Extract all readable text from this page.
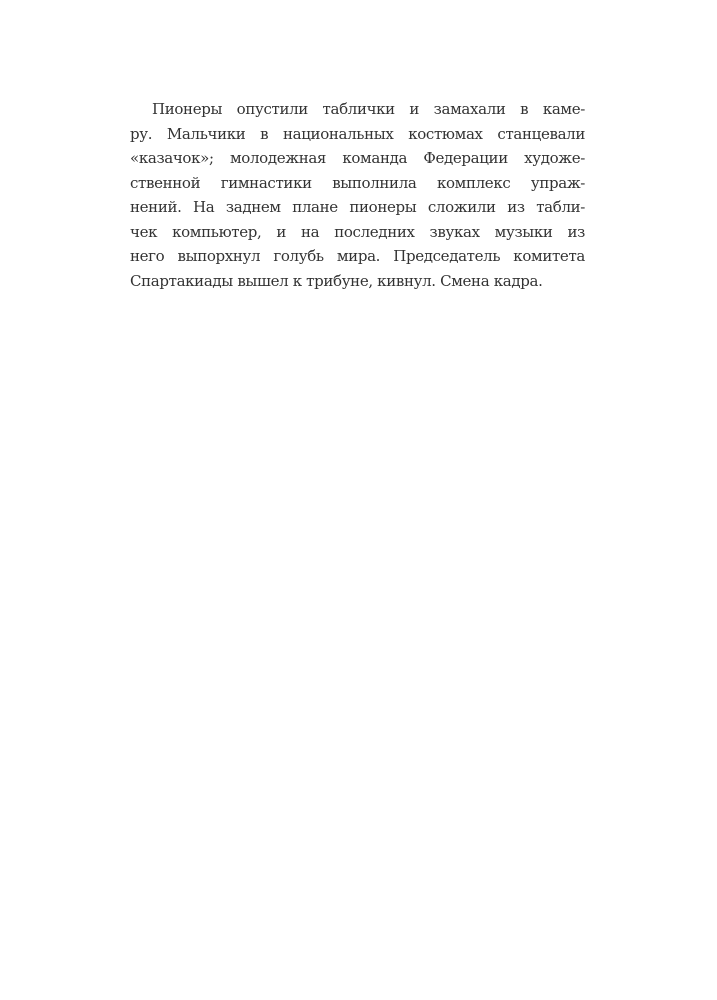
Пионеры опустили таблички и замахали в каме-
ру. Мальчики в национальных костюмах станцевали
«казачок»; молодежная команда Федерации художе-
ственной гимнастики выполнила комплекс упраж-
нений. На заднем плане пионеры сложили из табли-
чек компьютер, и на последних звуках музыки из
него выпорхнул голубь мира. Председатель комитета
Спартакиады вышел к трибуне, кивнул. Смена кадра.
